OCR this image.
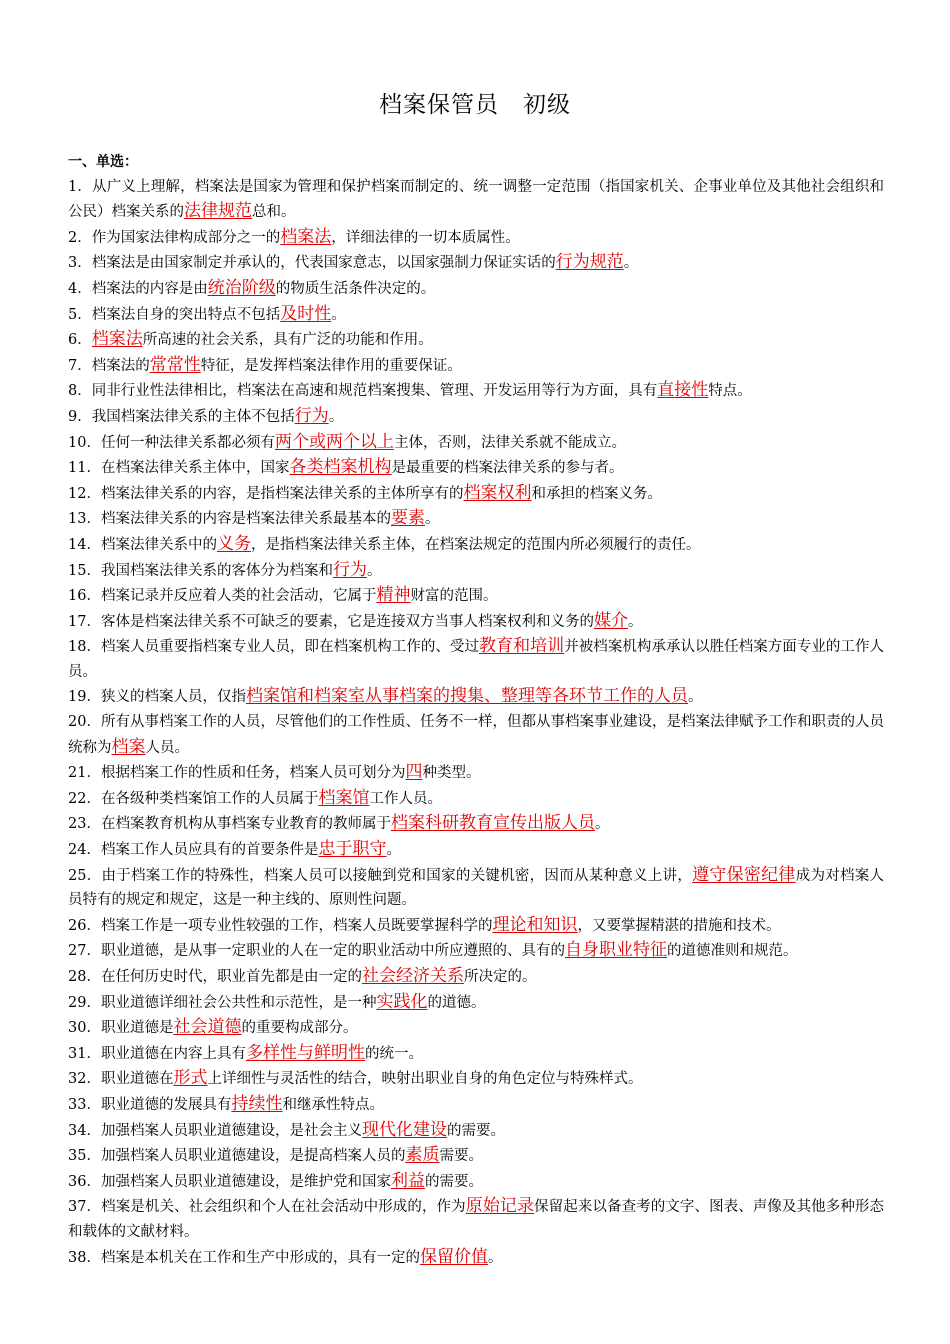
档案保管员　初级
一、单选：

1．从广义上理解，档案法是国家为管理和保护档案而制定的、统一调整一定范围（指国家机关、企事业单位及其他社会组织和公民）档案关系的法律规范总和。

2．作为国家法律构成部分之一的档案法，详细法律的一切本质属性。

3．档案法是由国家制定并承认的，代表国家意志，以国家强制力保证实话的行为规范。

4．档案法的内容是由统治阶级的物质生活条件决定的。

5．档案法自身的突出特点不包括及时性。

6．档案法所高速的社会关系，具有广泛的功能和作用。

7．档案法的常常性特征，是发挥档案法律作用的重要保证。

8．同非行业性法律相比，档案法在高速和规范档案搜集、管理、开发运用等行为方面，具有直接性特点。

9．我国档案法律关系的主体不包括行为。

10．任何一种法律关系都必须有两个或两个以上主体，否则，法律关系就不能成立。

11．在档案法律关系主体中，国家各类档案机构是最重要的档案法律关系的参与者。

12．档案法律关系的内容，是指档案法律关系的主体所享有的档案权利和承担的档案义务。

13．档案法律关系的内容是档案法律关系最基本的要素。

14．档案法律关系中的义务，是指档案法律关系主体，在档案法规定的范围内所必须履行的责任。

15．我国档案法律关系的客体分为档案和行为。

16．档案记录并反应着人类的社会活动，它属于精神财富的范围。

17．客体是档案法律关系不可缺乏的要素，它是连接双方当事人档案权利和义务的媒介。

18．档案人员重要指档案专业人员，即在档案机构工作的、受过教育和培训并被档案机构承承认以胜任档案方面专业的工作人员。

19．狭义的档案人员，仅指档案馆和档案室从事档案的搜集、整理等各环节工作的人员。

20．所有从事档案工作的人员，尽管他们的工作性质、任务不一样，但都从事档案事业建设，是档案法律赋予工作和职责的人员统称为档案人员。

21．根据档案工作的性质和任务，档案人员可划分为四种类型。

22．在各级种类档案馆工作的人员属于档案馆工作人员。

23．在档案教育机构从事档案专业教育的教师属于档案科研教育宣传出版人员。

24．档案工作人员应具有的首要条件是忠于职守。

25．由于档案工作的特殊性，档案人员可以接触到党和国家的关键机密，因而从某种意义上讲，遵守保密纪律成为对档案人员特有的规定和规定，这是一种主线的、原则性问题。

26．档案工作是一项专业性较强的工作，档案人员既要掌握科学的理论和知识，又要掌握精湛的措施和技术。

27．职业道德，是从事一定职业的人在一定的职业活动中所应遵照的、具有的自身职业特征的道德准则和规范。

28．在任何历史时代，职业首先都是由一定的社会经济关系所决定的。

29．职业道德详细社会公共性和示范性，是一种实践化的道德。

30．职业道德是社会道德的重要构成部分。

31．职业道德在内容上具有多样性与鲜明性的统一。

32．职业道德在形式上详细性与灵活性的结合，映射出职业自身的角色定位与特殊样式。

33．职业道德的发展具有持续性和继承性特点。

34．加强档案人员职业道德建设，是社会主义现代化建设的需要。

35．加强档案人员职业道德建设，是提高档案人员的素质需要。

36．加强档案人员职业道德建设，是维护党和国家利益的需要。

37．档案是机关、社会组织和个人在社会活动中形成的，作为原始记录保留起来以备查考的文字、图表、声像及其他多种形态和载体的文献材料。

38．档案是本机关在工作和生产中形成的，具有一定的保留价值。
